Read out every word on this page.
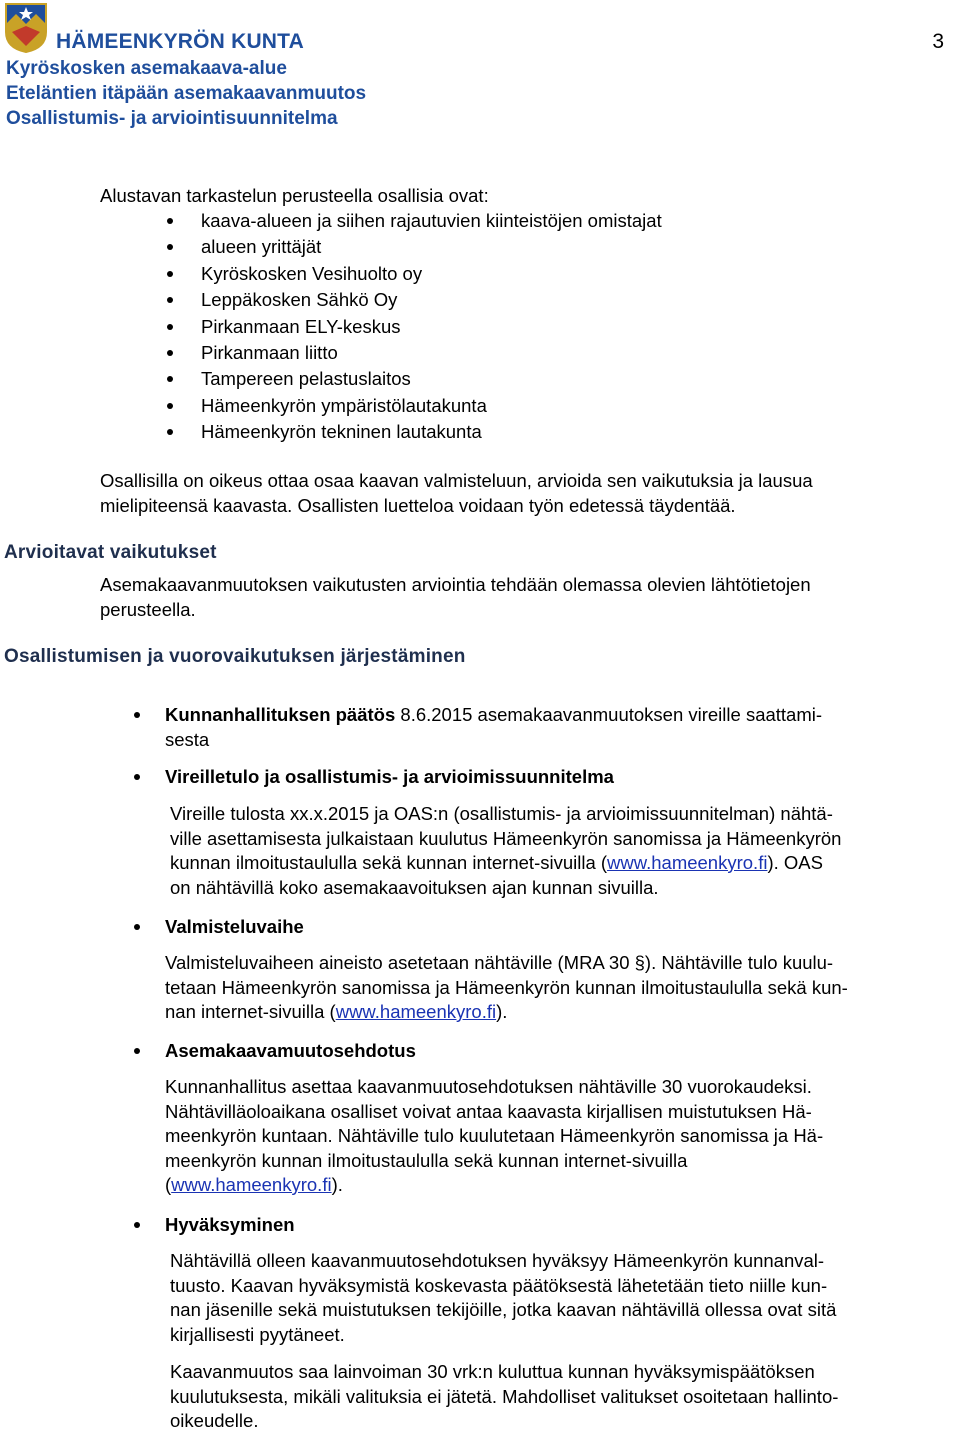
HÄMEENKYRÖN KUNTA
Kyröskosken asemakaava-alue
Eteläntien itäpään asemakaavanmuutos
Osallistumis- ja arviointisuunnitelma
3
Alustavan tarkastelun perusteella osallisia ovat:
kaava-alueen ja siihen rajautuvien kiinteistöjen omistajat
alueen yrittäjät
Kyröskosken Vesihuolto oy
Leppäkosken Sähkö Oy
Pirkanmaan ELY-keskus
Pirkanmaan liitto
Tampereen pelastuslaitos
Hämeenkyrön ympäristölautakunta
Hämeenkyrön tekninen lautakunta
Osallisilla on oikeus ottaa osaa kaavan valmisteluun, arvioida sen vaikutuksia ja lausua
mielipiteensä kaavasta. Osallisten luetteloa voidaan työn edetessä täydentää.
Arvioitavat vaikutukset
Asemakaavanmuutoksen vaikutusten arviointia tehdään olemassa olevien lähtötietojen
perusteella.
Osallistumisen ja vuorovaikutuksen järjestäminen
Kunnanhallituksen päätös 8.6.2015 asemakaavanmuutoksen vireille saattami-
sesta
Vireilletulo ja osallistumis- ja arvioimissuunnitelma
Vireille tulosta xx.x.2015 ja OAS:n (osallistumis- ja arvioimissuunnitelman) nähtä-
ville asettamisesta julkaistaan kuulutus Hämeenkyrön sanomissa ja Hämeenkyrön
kunnan ilmoitustaululla sekä kunnan internet-sivuilla (www.hameenkyro.fi). OAS
on nähtävillä koko asemakaavoituksen ajan kunnan sivuilla.
Valmisteluvaihe
Valmisteluvaiheen aineisto asetetaan nähtäville (MRA 30 §). Nähtäville tulo kuulu-
tetaan Hämeenkyrön sanomissa ja Hämeenkyrön kunnan ilmoitustaululla sekä kun-
nan internet-sivuilla (www.hameenkyro.fi).
Asemakaavamuutosehdotus
Kunnanhallitus asettaa kaavanmuutosehdotuksen nähtäville 30 vuorokaudeksi.
Nähtävilläoloaikana osalliset voivat antaa kaavasta kirjallisen muistutuksen Hä-
meenkyrön kuntaan. Nähtäville tulo kuulutetaan Hämeenkyrön sanomissa ja Hä-
meenkyrön kunnan ilmoitustaululla sekä kunnan internet-sivuilla
(www.hameenkyro.fi).
Hyväksyminen
Nähtävillä olleen kaavanmuutosehdotuksen hyväksyy Hämeenkyrön kunnanval-
tuusto. Kaavan hyväksymistä koskevasta päätöksestä lähetetään tieto niille kun-
nan jäsenille sekä muistutuksen tekijöille, jotka kaavan nähtävillä ollessa ovat sitä
kirjallisesti pyytäneet.
Kaavanmuutos saa lainvoiman 30 vrk:n kuluttua kunnan hyväksymispäätöksen
kuulutuksesta, mikäli valituksia ei jätetä. Mahdolliset valitukset osoitetaan hallinto-
oikeudelle.
